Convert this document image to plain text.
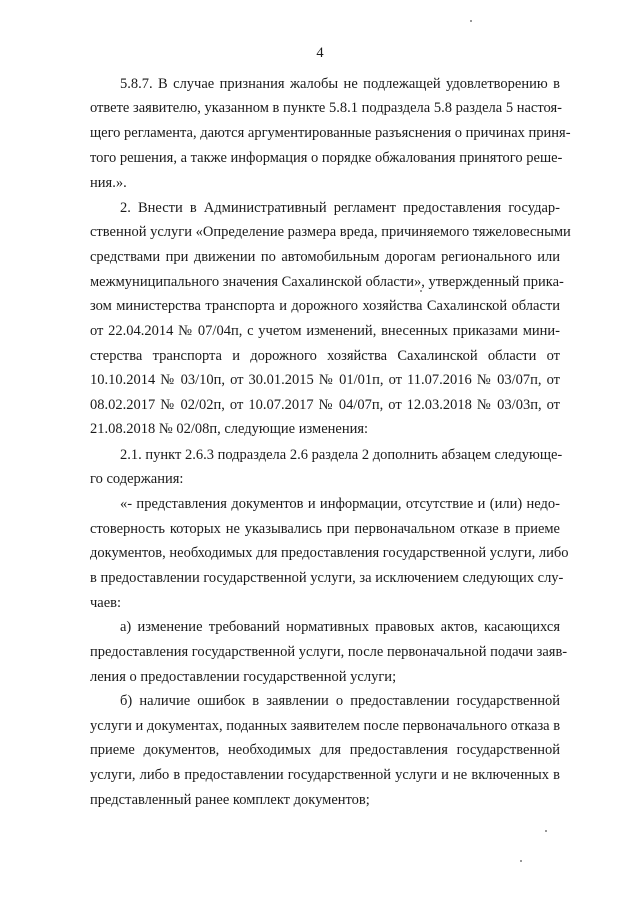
4
5.8.7. В случае признания жалобы не подлежащей удовлетворению в
ответе заявителю, указанном в пункте 5.8.1 подраздела 5.8 раздела 5 настоя-
щего регламента, даются аргументированные разъяснения о причинах приня-
того решения, а также информация о порядке обжалования принятого реше-
ния.».
2. Внести в Административный регламент предоставления государ-
ственной услуги «Определение размера вреда, причиняемого тяжеловесными
средствами при движении по автомобильным дорогам регионального или
межмуниципального значения Сахалинской области», утвержденный прика-
зом министерства транспорта и дорожного хозяйства Сахалинской области
от 22.04.2014 № 07/04п, с учетом изменений, внесенных приказами мини-
стерства транспорта и дорожного хозяйства Сахалинской области от
10.10.2014 № 03/10п, от 30.01.2015 № 01/01п, от 11.07.2016 № 03/07п, от
08.02.2017 № 02/02п, от 10.07.2017 № 04/07п, от 12.03.2018 № 03/03п, от
21.08.2018 № 02/08п, следующие изменения:
2.1. пункт 2.6.3 подраздела 2.6 раздела 2 дополнить абзацем следующе-
го содержания:
«- представления документов и информации, отсутствие и (или) недо-
стоверность которых не указывались при первоначальном отказе в приеме
документов, необходимых для предоставления государственной услуги, либо
в предоставлении государственной услуги, за исключением следующих слу-
чаев:
а) изменение требований нормативных правовых актов, касающихся
предоставления государственной услуги, после первоначальной подачи заяв-
ления о предоставлении государственной услуги;
б) наличие ошибок в заявлении о предоставлении государственной
услуги и документах, поданных заявителем после первоначального отказа в
приеме документов, необходимых для предоставления государственной
услуги, либо в предоставлении государственной услуги и не включенных в
представленный ранее комплект документов;
